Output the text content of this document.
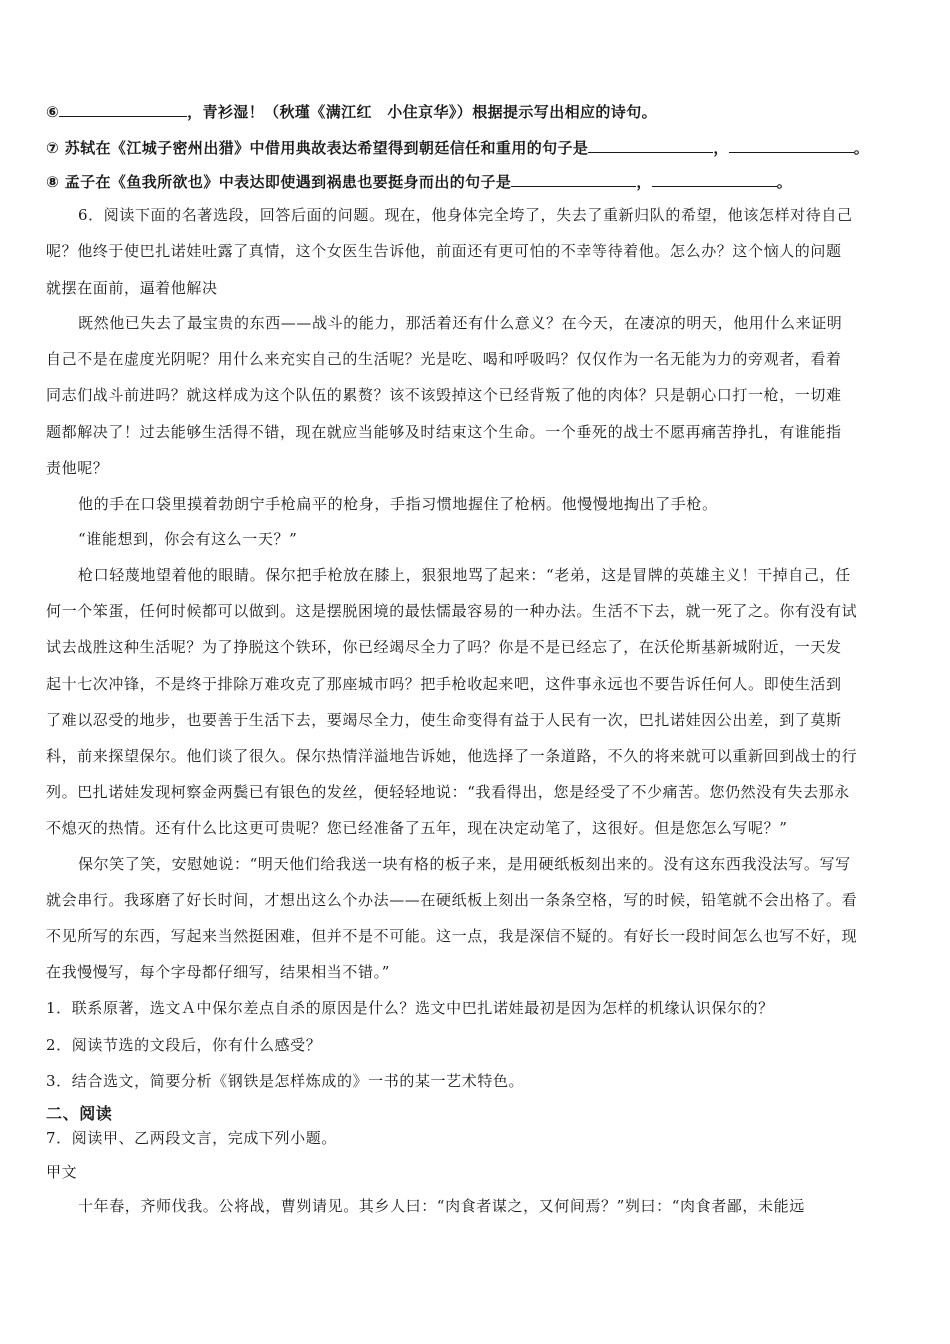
⑥	，青衫湿！（秋瑾《满江红　小住京华》）根据提示写出相应的诗句。
⑦ 苏轼在《江城子密州出猎》中借用典故表达希望得到朝廷信任和重用的句子是	，	。
⑧ 孟子在《鱼我所欲也》中表达即使遇到祸患也要挺身而出的句子是	，	。
6．阅读下面的名著选段，回答后面的问题。现在，他身体完全垮了，失去了重新归队的希望，他该怎样对待自己
呢？他终于使巴扎诺娃吐露了真情，这个女医生告诉他，前面还有更可怕的不幸等待着他。怎么办？这个恼人的问题
就摆在面前，逼着他解决
既然他已失去了最宝贵的东西——战斗的能力，那活着还有什么意义？在今天，在凄凉的明天，他用什么来证明
自己不是在虚度光阴呢？用什么来充实自己的生活呢？光是吃、喝和呼吸吗？仅仅作为一名无能为力的旁观者，看着
同志们战斗前进吗？就这样成为这个队伍的累赘？该不该毁掉这个已经背叛了他的肉体？只是朝心口打一枪，一切难
题都解决了！过去能够生活得不错，现在就应当能够及时结束这个生命。一个垂死的战士不愿再痛苦挣扎，有谁能指
责他呢？
他的手在口袋里摸着勃朗宁手枪扁平的枪身，手指习惯地握住了枪柄。他慢慢地掏出了手枪。
“谁能想到，你会有这么一天？”
枪口轻蔑地望着他的眼睛。保尔把手枪放在膝上，狠狠地骂了起来：“老弟，这是冒牌的英雄主义！干掉自己，任
何一个笨蛋，任何时候都可以做到。这是摆脱困境的最怯懦最容易的一种办法。生活不下去，就一死了之。你有没有试
试去战胜这种生活呢？为了挣脱这个铁环，你已经竭尽全力了吗？你是不是已经忘了，在沃伦斯基新城附近，一天发
起十七次冲锋，不是终于排除万难攻克了那座城市吗？把手枪收起来吧，这件事永远也不要告诉任何人。即使生活到
了难以忍受的地步，也要善于生活下去，要竭尽全力，使生命变得有益于人民有一次，巴扎诺娃因公出差，到了莫斯
科，前来探望保尔。他们谈了很久。保尔热情洋溢地告诉她，他选择了一条道路，不久的将来就可以重新回到战士的行
列。巴扎诺娃发现柯察金两鬓已有银色的发丝，便轻轻地说：“我看得出，您是经受了不少痛苦。您仍然没有失去那永
不熄灭的热情。还有什么比这更可贵呢？您已经准备了五年，现在决定动笔了，这很好。但是您怎么写呢？”
保尔笑了笑，安慰她说：“明天他们给我送一块有格的板子来，是用硬纸板刻出来的。没有这东西我没法写。写写
就会串行。我琢磨了好长时间，才想出这么个办法——在硬纸板上刻出一条条空格，写的时候，铅笔就不会出格了。看
不见所写的东西，写起来当然挺困难，但并不是不可能。这一点，我是深信不疑的。有好长一段时间怎么也写不好，现
在我慢慢写，每个字母都仔细写，结果相当不错。”
1．联系原著，选文Ａ中保尔差点自杀的原因是什么？选文中巴扎诺娃最初是因为怎样的机缘认识保尔的？
2．阅读节选的文段后，你有什么感受？
3．结合选文，简要分析《钢铁是怎样炼成的》一书的某一艺术特色。
二、阅读
7．阅读甲、乙两段文言，完成下列小题。
甲文
十年春，齐师伐我。公将战，曹刿请见。其乡人曰：“肉食者谋之，又何间焉？”刿曰：“肉食者鄙，未能远
